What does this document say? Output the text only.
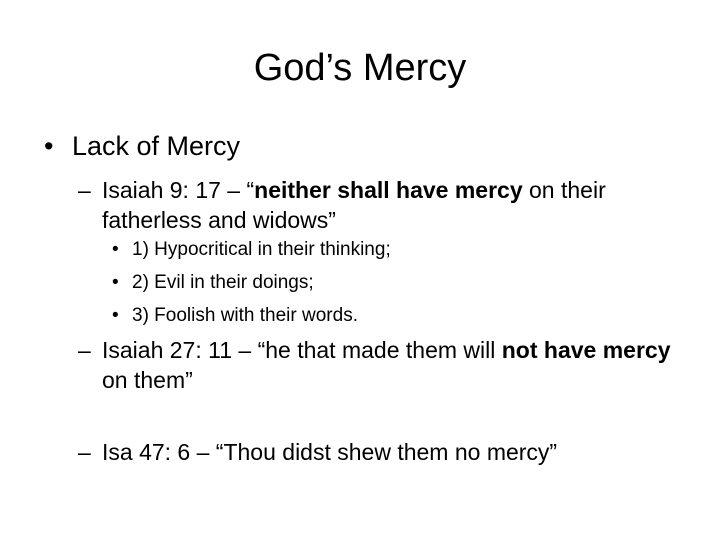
God’s Mercy
• Lack of Mercy
– Isaiah 9: 17 – “neither shall have mercy on their fatherless and widows”
• 1) Hypocritical in their thinking;
• 2) Evil in their doings;
• 3) Foolish with their words.
– Isaiah 27: 11 – “he that made them will not have mercy on them”
– Isa 47: 6 – “Thou didst shew them no mercy”
